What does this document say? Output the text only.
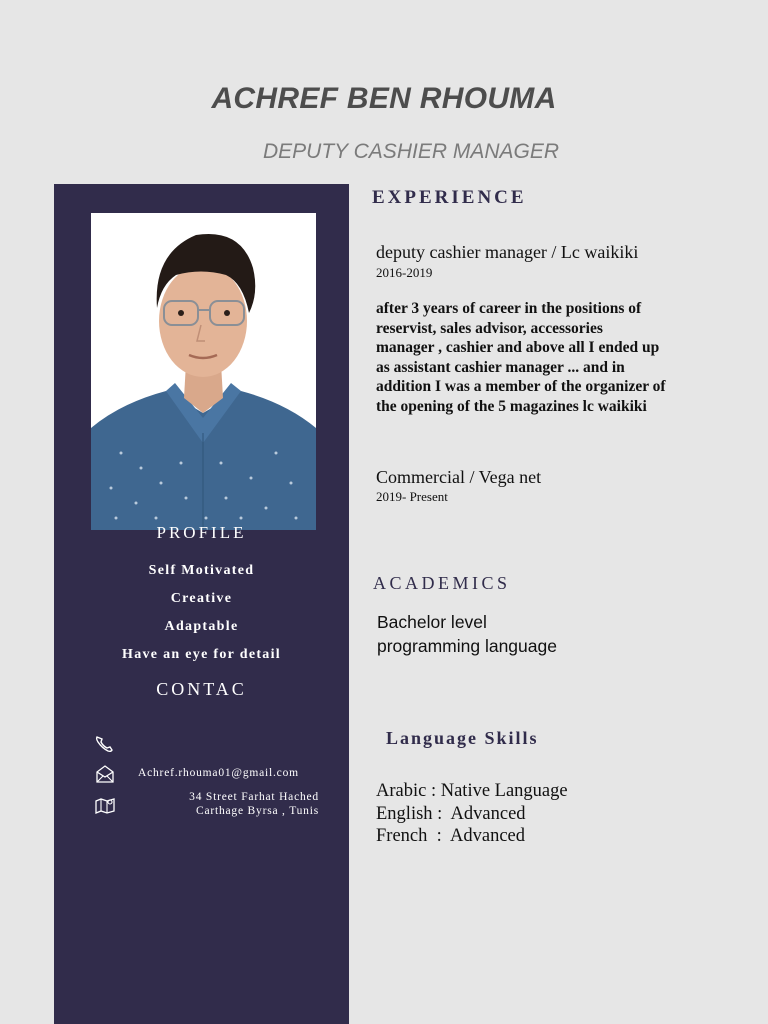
ACHREF BEN RHOUMA
DEPUTY CASHIER MANAGER
PROFILE
Self Motivated
Creative
Adaptable
Have an eye for detail
CONTAC
Achref.rhouma01@gmail.com
34 Street Farhat Hached
Carthage Byrsa , Tunis
EXPERIENCE
deputy cashier manager / Lc waikiki
2016-2019
after 3 years of career in the positions of
reservist, sales advisor, accessories
manager , cashier and above all I ended up
as assistant cashier manager ... and in
addition I was a member of the organizer of
the opening of the 5 magazines lc waikiki
Commercial / Vega net
2019- Present
ACADEMICS
Bachelor level
programming language
Language Skills
Arabic : Native Language
English :  Advanced
French  :  Advanced
